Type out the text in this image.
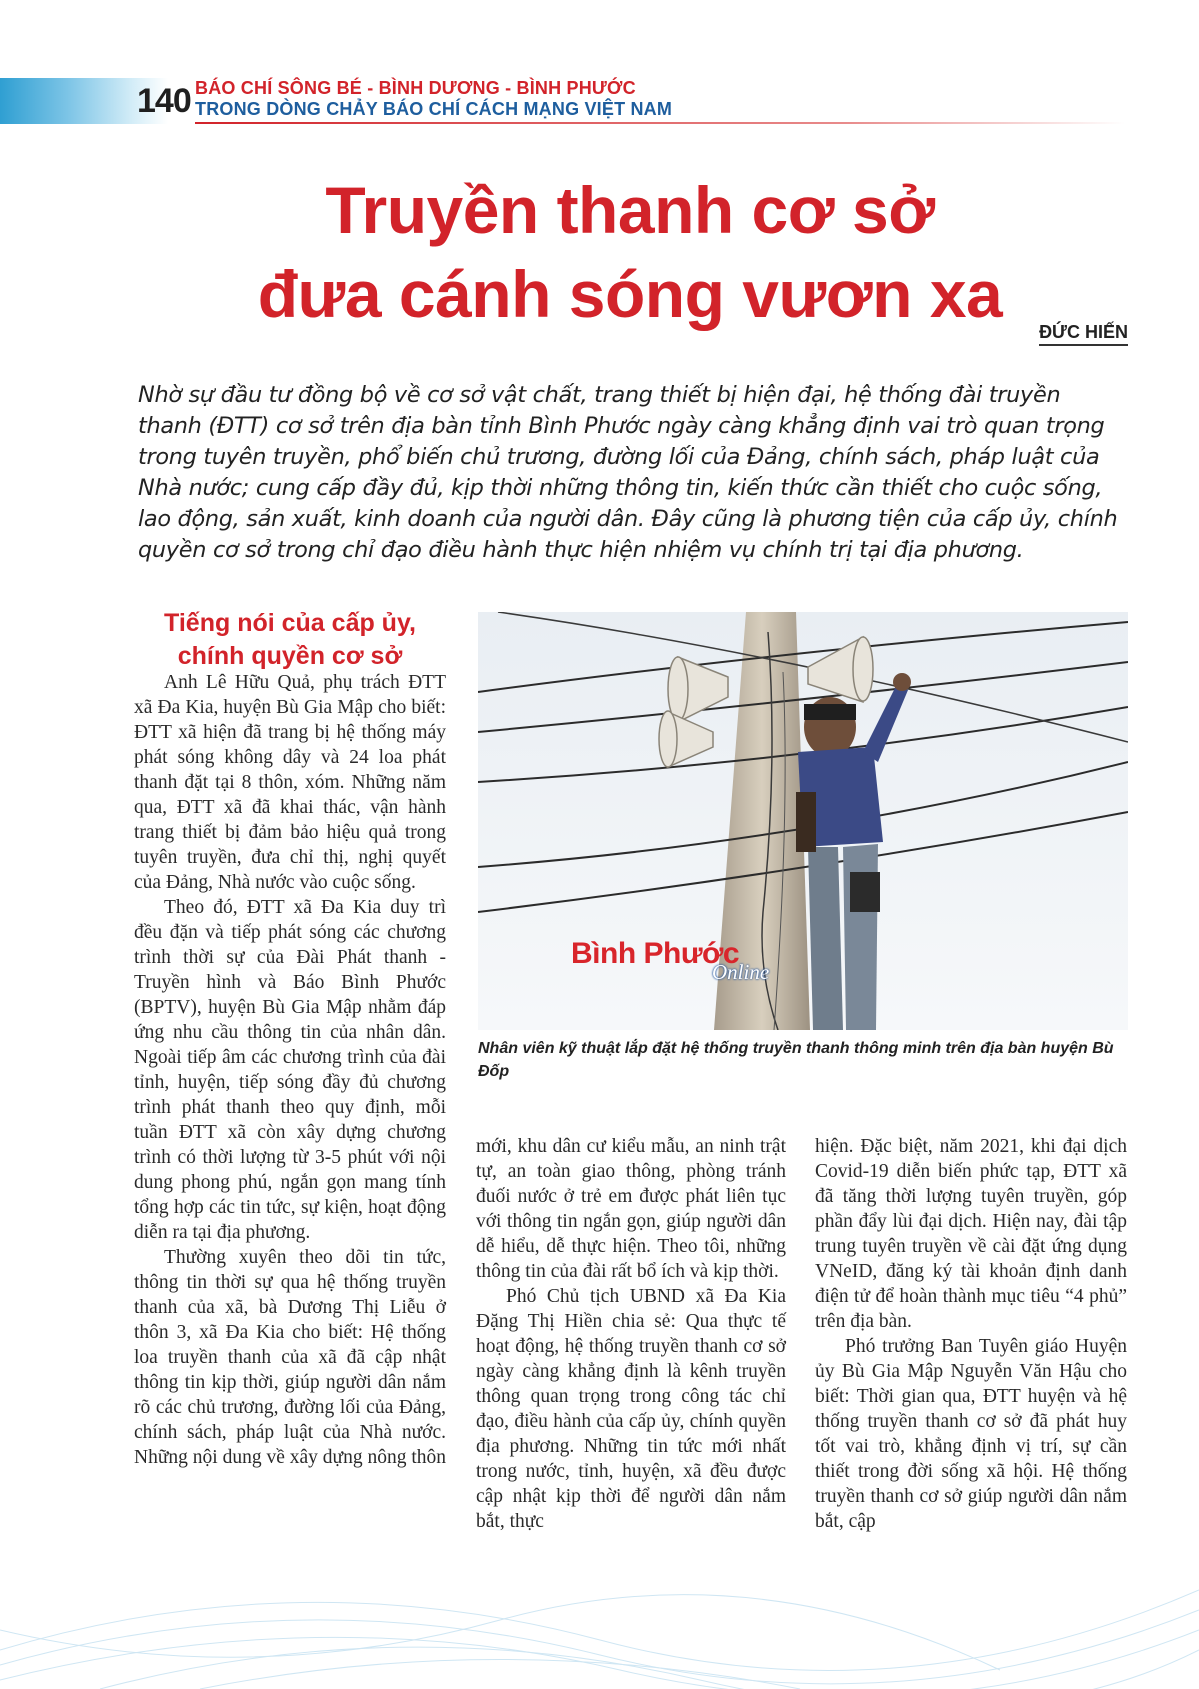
140 BÁO CHÍ SÔNG BÉ - BÌNH DƯƠNG - BÌNH PHƯỚC
TRONG DÒNG CHẢY BÁO CHÍ CÁCH MẠNG VIỆT NAM
Truyền thanh cơ sở
đưa cánh sóng vươn xa
ĐỨC HIẾN

Nhờ sự đầu tư đồng bộ về cơ sở vật chất, trang thiết bị hiện đại, hệ thống đài truyền thanh (ĐTT) cơ sở trên địa bàn tỉnh Bình Phước ngày càng khẳng định vai trò quan trọng trong tuyên truyền, phổ biến chủ trương, đường lối của Đảng, chính sách, pháp luật của Nhà nước; cung cấp đầy đủ, kịp thời những thông tin, kiến thức cần thiết cho cuộc sống, lao động, sản xuất, kinh doanh của người dân. Đây cũng là phương tiện của cấp ủy, chính quyền cơ sở trong chỉ đạo điều hành thực hiện nhiệm vụ chính trị tại địa phương.

Tiếng nói của cấp ủy,
chính quyền cơ sở

Anh Lê Hữu Quả, phụ trách ĐTT xã Đa Kia, huyện Bù Gia Mập cho biết: ĐTT xã hiện đã trang bị hệ thống máy phát sóng không dây và 24 loa phát thanh đặt tại 8 thôn, xóm. Những năm qua, ĐTT xã đã khai thác, vận hành trang thiết bị đảm bảo hiệu quả trong tuyên truyền, đưa chỉ thị, nghị quyết của Đảng, Nhà nước vào cuộc sống.

Theo đó, ĐTT xã Đa Kia duy trì đều đặn và tiếp phát sóng các chương trình thời sự của Đài Phát thanh - Truyền hình và Báo Bình Phước (BPTV), huyện Bù Gia Mập nhằm đáp ứng nhu cầu thông tin của nhân dân. Ngoài tiếp âm các chương trình của đài tỉnh, huyện, tiếp sóng đầy đủ chương trình phát thanh theo quy định, mỗi tuần ĐTT xã còn xây dựng chương trình có thời lượng từ 3-5 phút với nội dung phong phú, ngắn gọn mang tính tổng hợp các tin tức, sự kiện, hoạt động diễn ra tại địa phương.

Thường xuyên theo dõi tin tức, thông tin thời sự qua hệ thống truyền thanh của xã, bà Dương Thị Liễu ở thôn 3, xã Đa Kia cho biết: Hệ thống loa truyền thanh của xã đã cập nhật thông tin kịp thời, giúp người dân nắm rõ các chủ trương, đường lối của Đảng, chính sách, pháp luật của Nhà nước. Những nội dung về xây dựng nông thôn

Bình Phước
Online
Nhân viên kỹ thuật lắp đặt hệ thống truyền thanh thông minh trên địa bàn huyện Bù Đốp

mới, khu dân cư kiểu mẫu, an ninh trật tự, an toàn giao thông, phòng tránh đuối nước ở trẻ em được phát liên tục với thông tin ngắn gọn, giúp người dân dễ hiểu, dễ thực hiện. Theo tôi, những thông tin của đài rất bổ ích và kịp thời.

Phó Chủ tịch UBND xã Đa Kia Đặng Thị Hiền chia sẻ: Qua thực tế hoạt động, hệ thống truyền thanh cơ sở ngày càng khẳng định là kênh truyền thông quan trọng trong công tác chỉ đạo, điều hành của cấp ủy, chính quyền địa phương. Những tin tức mới nhất trong nước, tỉnh, huyện, xã đều được cập nhật kịp thời để người dân nắm bắt, thực

hiện. Đặc biệt, năm 2021, khi đại dịch Covid-19 diễn biến phức tạp, ĐTT xã đã tăng thời lượng tuyên truyền, góp phần đẩy lùi đại dịch. Hiện nay, đài tập trung tuyên truyền về cài đặt ứng dụng VNeID, đăng ký tài khoản định danh điện tử để hoàn thành mục tiêu “4 phủ” trên địa bàn.

Phó trưởng Ban Tuyên giáo Huyện ủy Bù Gia Mập Nguyễn Văn Hậu cho biết: Thời gian qua, ĐTT huyện và hệ thống truyền thanh cơ sở đã phát huy tốt vai trò, khẳng định vị trí, sự cần thiết trong đời sống xã hội. Hệ thống truyền thanh cơ sở giúp người dân nắm bắt, cập
